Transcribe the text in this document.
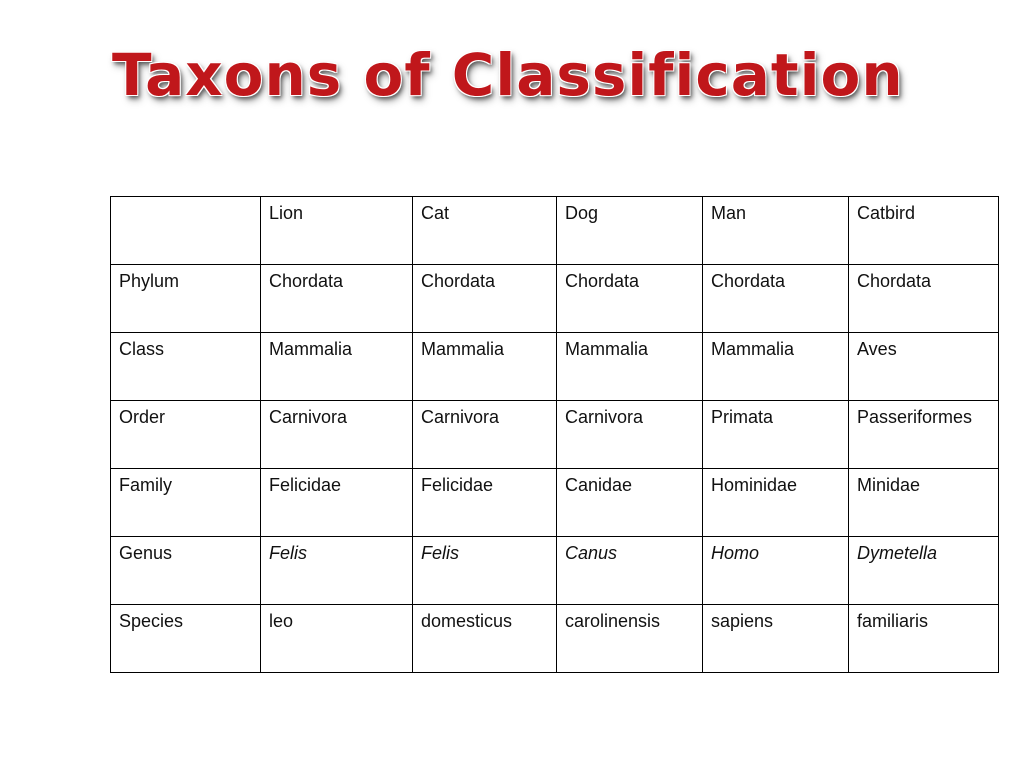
Taxons of Classification
	Lion	Cat	Dog	Man	Catbird
Phylum	Chordata	Chordata	Chordata	Chordata	Chordata
Class	Mammalia	Mammalia	Mammalia	Mammalia	Aves
Order	Carnivora	Carnivora	Carnivora	Primata	Passeriformes
Family	Felicidae	Felicidae	Canidae	Hominidae	Minidae
Genus	Felis	Felis	Canus	Homo	Dymetella
Species	leo	domesticus	carolinensis	sapiens	familiaris
